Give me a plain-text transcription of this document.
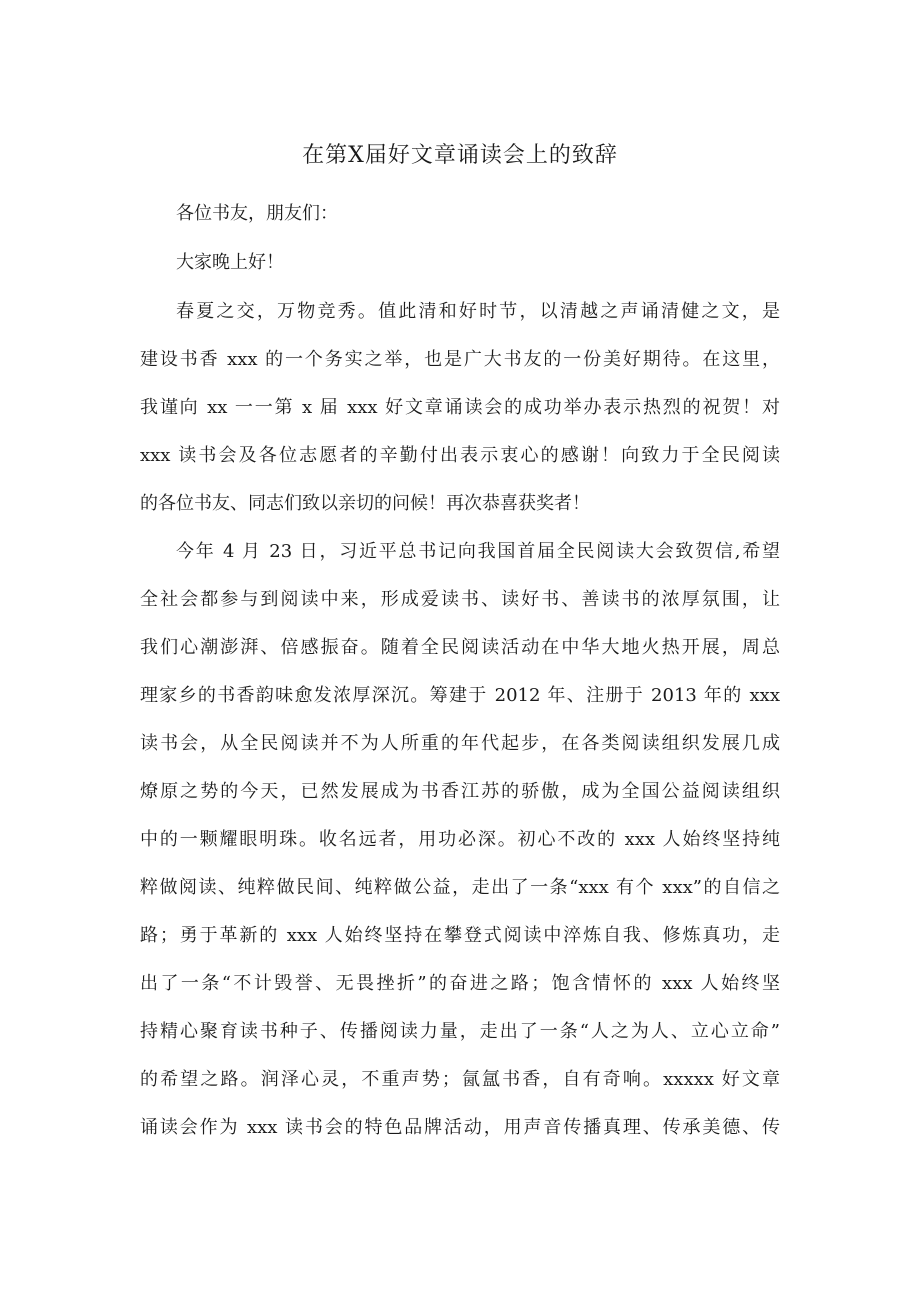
在第X届好文章诵读会上的致辞
各位书友，朋友们：
大家晚上好！
春夏之交，万物竞秀。值此清和好时节，以清越之声诵清健之文，是
建设书香 xxx 的一个务实之举，也是广大书友的一份美好期待。在这里，
我谨向 xx 一一第 x 届 xxx 好文章诵读会的成功举办表示热烈的祝贺！对
xxx 读书会及各位志愿者的辛勤付出表示衷心的感谢！向致力于全民阅读
的各位书友、同志们致以亲切的问候！再次恭喜获奖者！
今年 4 月 23 日，习近平总书记向我国首届全民阅读大会致贺信,希望
全社会都参与到阅读中来，形成爱读书、读好书、善读书的浓厚氛围，让
我们心潮澎湃、倍感振奋。随着全民阅读活动在中华大地火热开展，周总
理家乡的书香韵味愈发浓厚深沉。筹建于 2012 年、注册于 2013 年的 xxx
读书会，从全民阅读并不为人所重的年代起步，在各类阅读组织发展几成
燎原之势的今天，已然发展成为书香江苏的骄傲，成为全国公益阅读组织
中的一颗耀眼明珠。收名远者，用功必深。初心不改的 xxx 人始终坚持纯
粹做阅读、纯粹做民间、纯粹做公益，走出了一条“xxx 有个 xxx”的自信之
路；勇于革新的 xxx 人始终坚持在攀登式阅读中淬炼自我、修炼真功，走
出了一条“不计毁誉、无畏挫折”的奋进之路；饱含情怀的 xxx 人始终坚
持精心聚育读书种子、传播阅读力量，走出了一条“人之为人、立心立命”
的希望之路。润泽心灵，不重声势；氤氲书香，自有奇响。xxxxx 好文章
诵读会作为 xxx 读书会的特色品牌活动，用声音传播真理、传承美德、传
